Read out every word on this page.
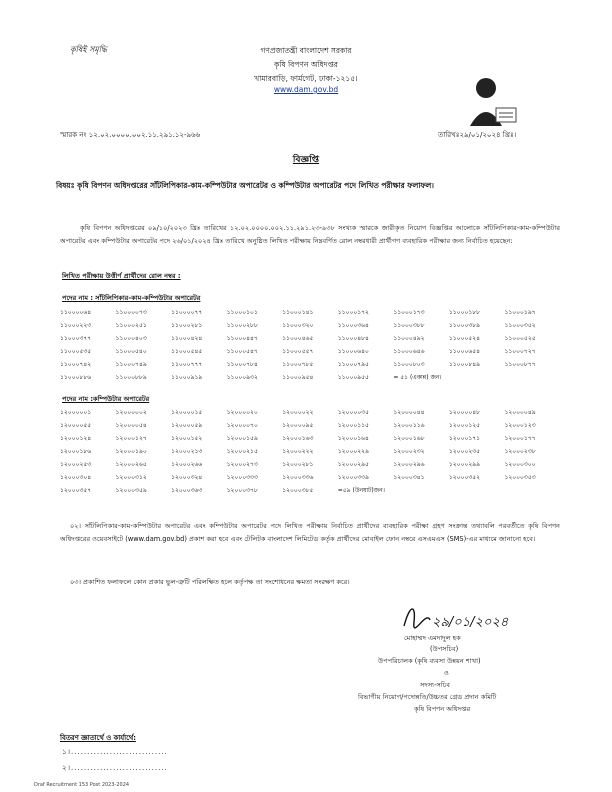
কৃষিই সমৃদ্ধি	গণপ্রজাতন্ত্রী বাংলাদেশ সরকার
কৃষি বিপণন অধিদপ্তর
খামারবাড়ি, ফার্মগেট, ঢাকা-১২১৫।
www.dam.gov.bd
স্মারক নং ১২.০২.০০০০.০০২.১১.২৯১.১২-৯৬৬	তারিখঃ২৯/০১/২০২৪ খ্রিঃ।
বিজ্ঞপ্তি
বিষয়ঃ কৃষি বিপণন অধিদপ্তরের সাঁটলিপিকার-কাম-কম্পিউটার অপারেটর ও কম্পিউটার অপারেটর পদে লিখিত পরীক্ষার ফলাফল।
কৃষি বিপণন অধিদপ্তরের ০৯/১০/২০২৩ খ্রিঃ তারিখের ১২.০২.০০০০.০০২.১১.২৯১.২৩-৯৩৮ সংখ্যক স্মারকে জারীকৃত নিয়োগ বিজ্ঞপ্তির আলোকে সাঁটলিপিকার-কাম-কম্পিউটার অপারেটর এবং কম্পিউটার অপারেটর পদে ২৬/০১/২০২৪ খ্রিঃ তারিখে অনুষ্ঠিত লিখিত পরীক্ষায় নিম্নবর্ণিত রোল নম্বরধারী প্রার্থীগণ ব্যবহারিক পরীক্ষার জন্য নির্বাচিত হয়েছেন:
লিখিত পরীক্ষায় উত্তীর্ণ প্রার্থীদের রোল নম্বর :
পদের নাম : সাঁটলিপিকার-কাম-কম্পিউটার অপারেটর
১১০০০০৬৪	১১০০০০৭৩	১১০০০০৭৭	১১০০০১০১	১১০০০১৪১	১১০০০১৭২	১১০০০১৭৩	১১০০০১৮৮	১১০০০১৯৭
১১০০০২২৩	১১০০০২৫১	১১০০০২৮১	১১০০০২৮৮	১১০০০৩২০	১১০০০৩৬৪	১১০০০৩৮৮	১১০০০৩৮৯	১১০০০৩৫২
১১০০০৩৭৭	১১০০০৪০৩	১১০০০৪২৪	১১০০০৪৪৭	১১০০০৪৬৫	১১০০০৪৮৪	১১০০০৪৯২	১১০০০৫২৪	১১০০০৫২৫
১১০০০৫৩৫	১১০০০৫৪০	১১০০০৫৪৫	১১০০০৫৪৭	১১০০০৫৫৭	১১০০০৬৪০	১১০০০৬৪৬	১১০০০৬৫৪	১১০০০৭২৭
১১০০০৭৪২	১১০০০৭৪৯	১১০০০৭৭৭	১১০০০৭৮৪	১১০০০৭৮৫	১১০০০৭৯৫	১১০০০৮০৩	১১০০০৮৪৯	১১০০০৮৭৭
১১০০০৮৮৬	১১০০০৮৮৯	১১০০০৯১৯	১১০০০৯৩২	১১০০০৯৫৪	১১০০০৯৫৫	= ৫১ (একান্ন) জন।
পদের নাম :কম্পিউটার অপারেটর
১২০০০০০১	১২০০০০০২	১২০০০০১৫	১২০০০০২০	১২০০০০২২	১২০০০০৩৫	১২০০০০৪৪	১২০০০০৪৮	১২০০০০৪৯
১২০০০০৫৫	১২০০০০৫৪	১২০০০০৫৯	১২০০০০৭০	১২০০০০৯৫	১২০০০১১৫	১২০০০১১৬	১২০০০১২৫	১২০০০১২৩
১২০০০১২৪	১২০০০১২৭	১২০০০১৫২	১২০০০১৫৯	১২০০০১৬৩	১২০০০১৬৪	১২০০০১৬৮	১২০০০১৭১	১২০০০১৭৭
১২০০০১৮৬	১২০০০১৯০	১২০০০২১৩	১২০০০২১৫	১২০০০২২২	১২০০০২২৯	১২০০০২৩২	১২০০০২৩৫	১২০০০২৩৮
১২০০০২৫৩	১২০০০২৬৫	১২০০০২৬৬	১২০০০২৭৩	১২০০০২৮১	১২০০০২৯৫	১২০০০২৯৬	১২০০০২৯৯	১২০০০৩০০
১২০০০৩০৪	১২০০০৩১২	১২০০০৩২৪	১২০০০৩৩৩	১২০০০৩৩৬	১২০০০৩৩৯	১২০০০৩৪১	১২০০০৩৫২	১২০০০৩৫৩
১২০০০৩৫৭	১২০০০৩৫৯	১২০০০৩৬৩	১২০০০৩৭৮	১২০০০৩৮৫	=৫৯ (উনষাট)জন।
০২। সাঁটলিপিকার-কাম-কম্পিউটার অপারেটর এবং কম্পিউটার অপারেটর পদে লিখিত পরীক্ষায় নির্বাচিত প্রার্থীদের ব্যবহারিক পরীক্ষা গ্রহণ সংক্রান্ত তথ্যাবলি পরবর্তীতে কৃষি বিপণন অধিদপ্তরের ওয়েবসাইটে (www.dam.gov.bd) প্রকাশ করা হবে এবং টেলিটক বাংলাদেশ লিমিটেড কর্তৃক প্রার্থীদের মোবাইল ফোন নম্বরে এসএমএস (SMS)-এর মাধ্যমে জানানো হবে।
০৩। প্রকাশিত ফলাফলে কোন প্রকার ভুল-ত্রুটি পরিলক্ষিত হলে কর্তৃপক্ষ তা সংশোধনের ক্ষমতা সংরক্ষণ করে।
২৯/০১/২০২৪
মোহাম্মদ এমদাদুল হক
(উপসচিব)
উপপরিচালক (কৃষি ব্যবসা উন্নয়ন শাখা)
ও
সদস্য-সচিব
বিভাগীয় নিয়োগ/পদোন্নতি/উচ্চতর গ্রেড প্রদান কমিটি
কৃষি বিপণন অধিদপ্তর
বিতরণ জ্ঞাতার্থে ও কার্যার্থে:
১।..............................
২।..............................
Draf Recruitment 153 Post 2023-2024
